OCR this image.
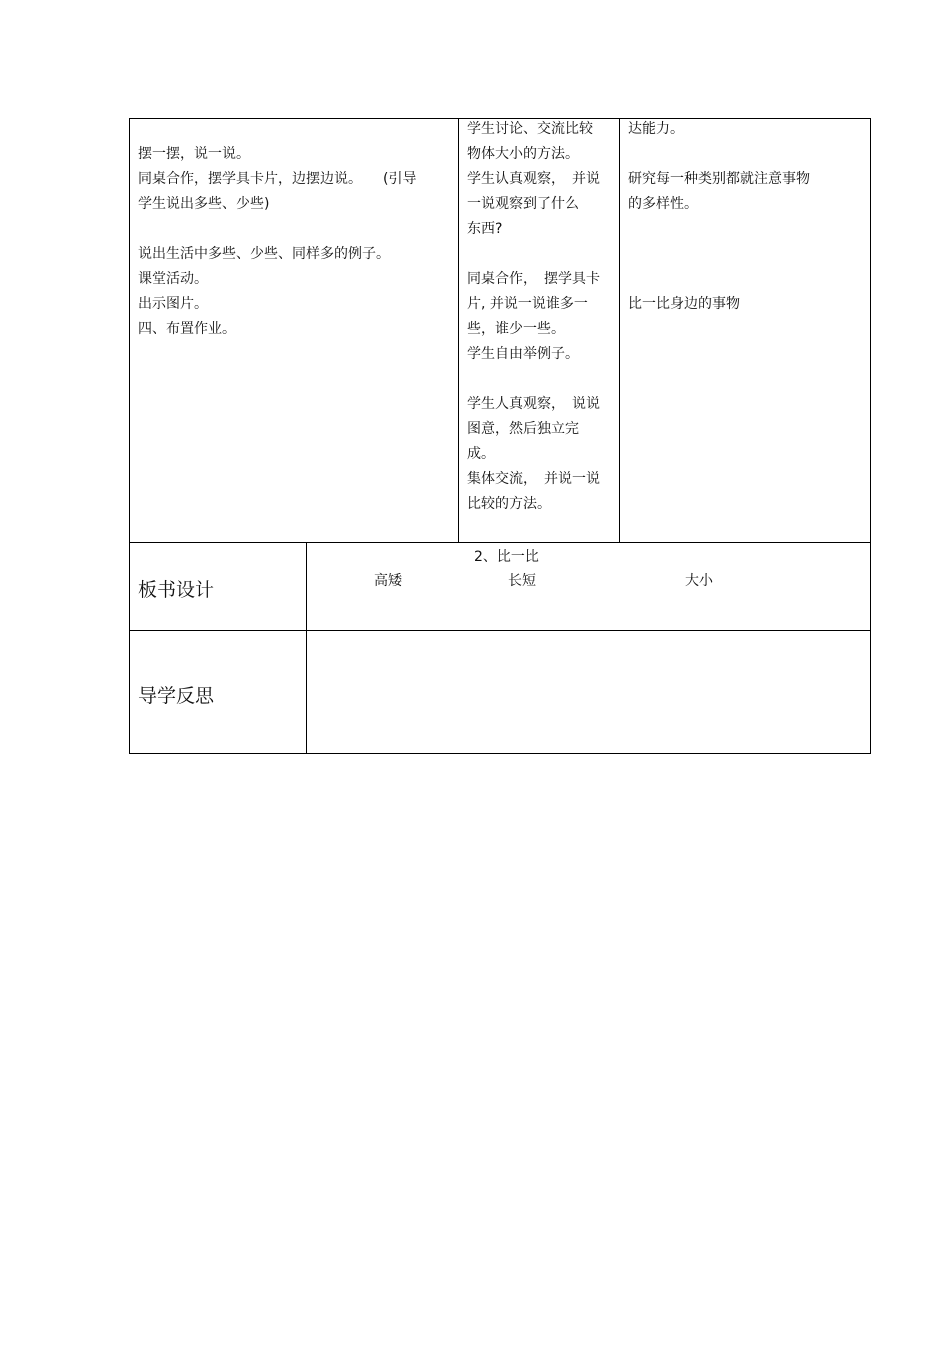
摆一摆，说一说。
同桌合作，摆学具卡片，边摆边说。　　(引导
学生说出多些、少些)
说出生活中多些、少些、同样多的例子。
课堂活动。
出示图片。
四、布置作业。
学生讨论、交流比较
物体大小的方法。
学生认真观察，　并说
一说观察到了什么
东西?
同桌合作，　摆学具卡
片, 并说一说谁多一
些，谁少一些。
学生自由举例子。
学生人真观察，　说说
图意，然后独立完
成。
集体交流，　并说一说
比较的方法。
达能力。
研究每一种类别都就注意事物
的多样性。
比一比身边的事物
板书设计
2、比一比
高矮	长短	大小
导学反思
